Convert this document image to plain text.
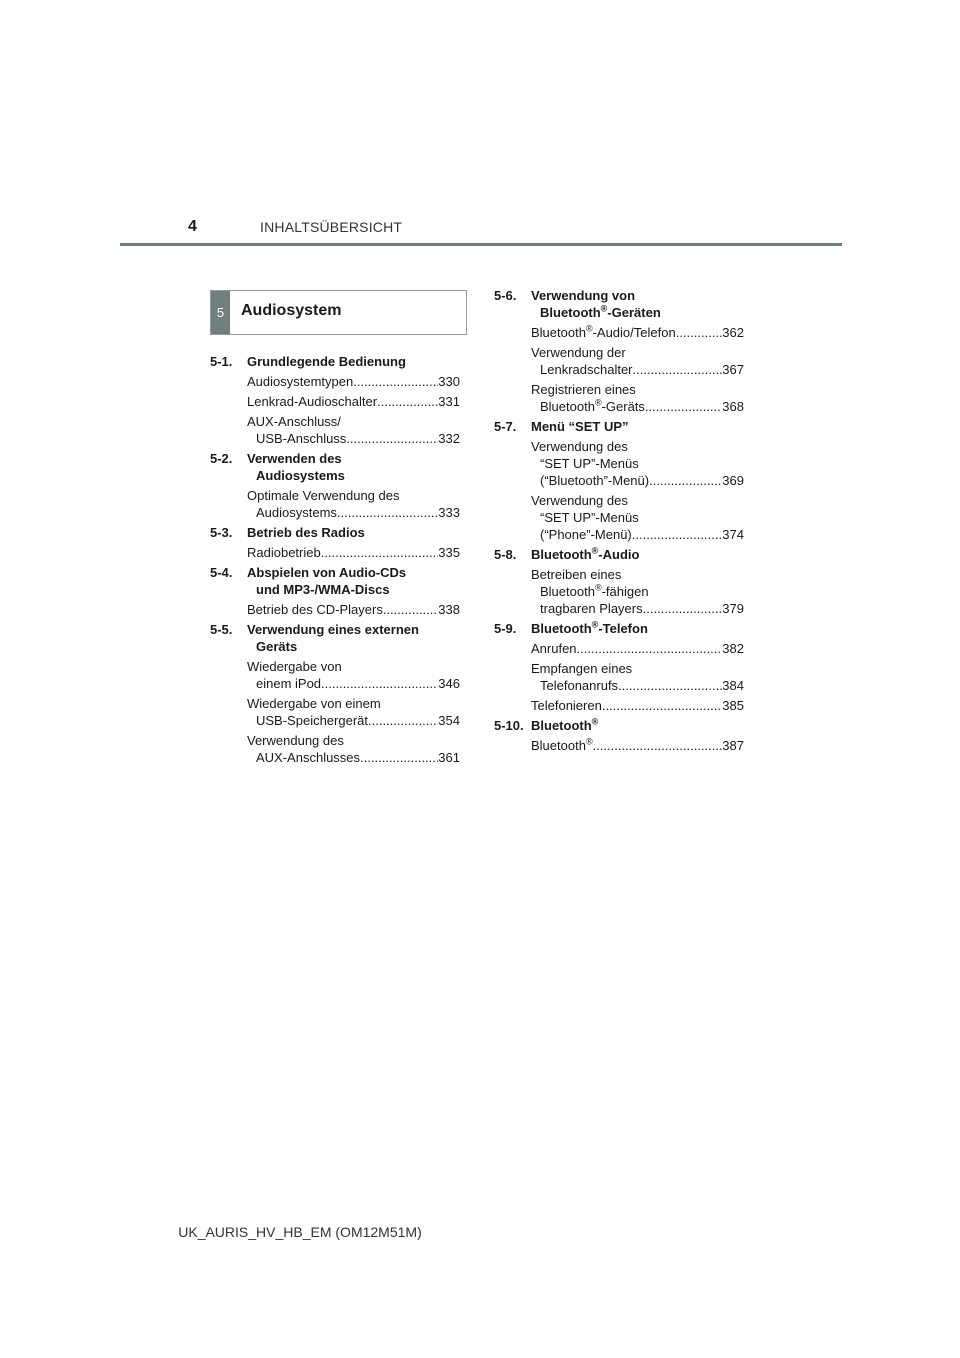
4	INHALTSÜBERSICHT
5	Audiosystem
5-1.	Grundlegende Bedienung
Audiosystemtypen .....	330
Lenkrad-Audioschalter .....	331
AUX-Anschluss/
USB-Anschluss .....	332
5-2.	Verwenden des
Audiosystems
Optimale Verwendung des
Audiosystems .....	333
5-3.	Betrieb des Radios
Radiobetrieb .....	335
5-4.	Abspielen von Audio-CDs
und MP3-/WMA-Discs
Betrieb des CD-Players .....	338
5-5.	Verwendung eines externen
Geräts
Wiedergabe von
einem iPod .....	346
Wiedergabe von einem
USB-Speichergerät .....	354
Verwendung des
AUX-Anschlusses .....	361
5-6.	Verwendung von
Bluetooth®-Geräten
Bluetooth®-Audio/Telefon .....	362
Verwendung der
Lenkradschalter .....	367
Registrieren eines
Bluetooth®-Geräts .....	368
5-7.	Menü “SET UP”
Verwendung des
“SET UP”-Menüs
(“Bluetooth”-Menü) .....	369
Verwendung des
“SET UP”-Menüs
(“Phone”-Menü) .....	374
5-8.	Bluetooth®-Audio
Betreiben eines
Bluetooth®-fähigen
tragbaren Players .....	379
5-9.	Bluetooth®-Telefon
Anrufen .....	382
Empfangen eines
Telefonanrufs .....	384
Telefonieren .....	385
5-10. Bluetooth®
Bluetooth® .....	387
UK_AURIS_HV_HB_EM (OM12M51M)
